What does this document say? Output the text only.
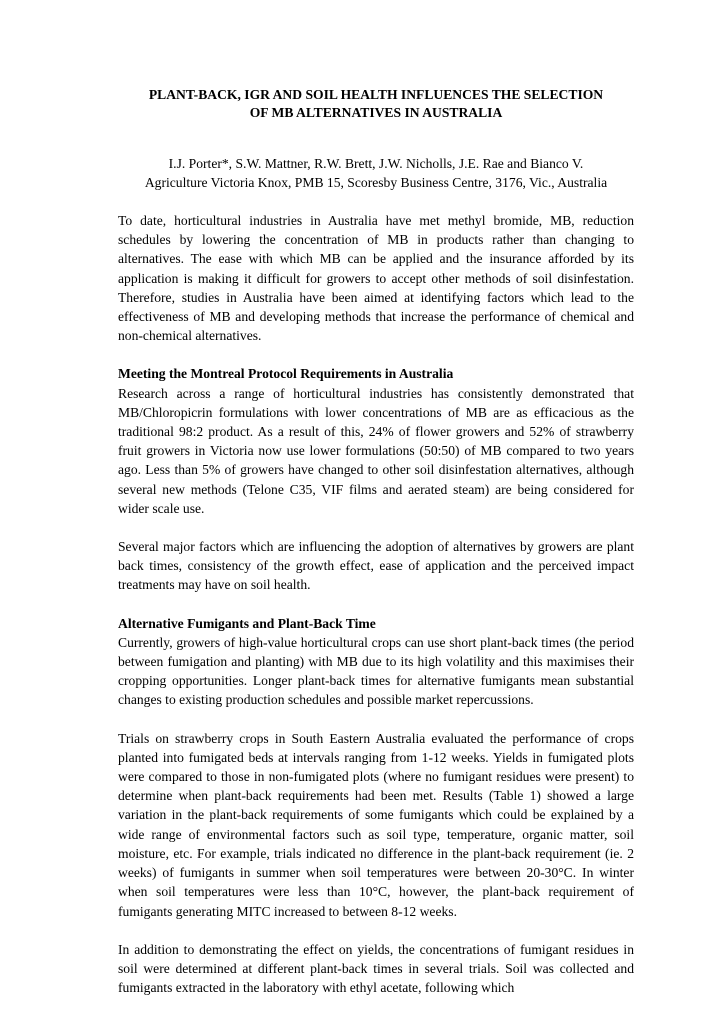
PLANT-BACK, IGR AND SOIL HEALTH INFLUENCES THE SELECTION
OF MB ALTERNATIVES IN AUSTRALIA
I.J. Porter*, S.W. Mattner, R.W. Brett, J.W. Nicholls, J.E. Rae and Bianco V.
Agriculture Victoria Knox, PMB 15, Scoresby Business Centre, 3176, Vic., Australia

To date, horticultural industries in Australia have met methyl bromide, MB, reduction schedules by lowering the concentration of MB in products rather than changing to alternatives. The ease with which MB can be applied and the insurance afforded by its application is making it difficult for growers to accept other methods of soil disinfestation. Therefore, studies in Australia have been aimed at identifying factors which lead to the effectiveness of MB and developing methods that increase the performance of chemical and non-chemical alternatives.

Meeting the Montreal Protocol Requirements in Australia

Research across a range of horticultural industries has consistently demonstrated that MB/Chloropicrin formulations with lower concentrations of MB are as efficacious as the traditional 98:2 product. As a result of this, 24% of flower growers and 52% of strawberry fruit growers in Victoria now use lower formulations (50:50) of MB compared to two years ago. Less than 5% of growers have changed to other soil disinfestation alternatives, although several new methods (Telone C35, VIF films and aerated steam) are being considered for wider scale use.

Several major factors which are influencing the adoption of alternatives by growers are plant back times, consistency of the growth effect, ease of application and the perceived impact treatments may have on soil health.

Alternative Fumigants and Plant-Back Time

Currently, growers of high-value horticultural crops can use short plant-back times (the period between fumigation and planting) with MB due to its high volatility and this maximises their cropping opportunities. Longer plant-back times for alternative fumigants mean substantial changes to existing production schedules and possible market repercussions.

Trials on strawberry crops in South Eastern Australia evaluated the performance of crops planted into fumigated beds at intervals ranging from 1-12 weeks. Yields in fumigated plots were compared to those in non-fumigated plots (where no fumigant residues were present) to determine when plant-back requirements had been met. Results (Table 1) showed a large variation in the plant-back requirements of some fumigants which could be explained by a wide range of environmental factors such as soil type, temperature, organic matter, soil moisture, etc. For example, trials indicated no difference in the plant-back requirement (ie. 2 weeks) of fumigants in summer when soil temperatures were between 20-30°C. In winter when soil temperatures were less than 10°C, however, the plant-back requirement of fumigants generating MITC increased to between 8-12 weeks.

In addition to demonstrating the effect on yields, the concentrations of fumigant residues in soil were determined at different plant-back times in several trials. Soil was collected and fumigants extracted in the laboratory with ethyl acetate, following which
